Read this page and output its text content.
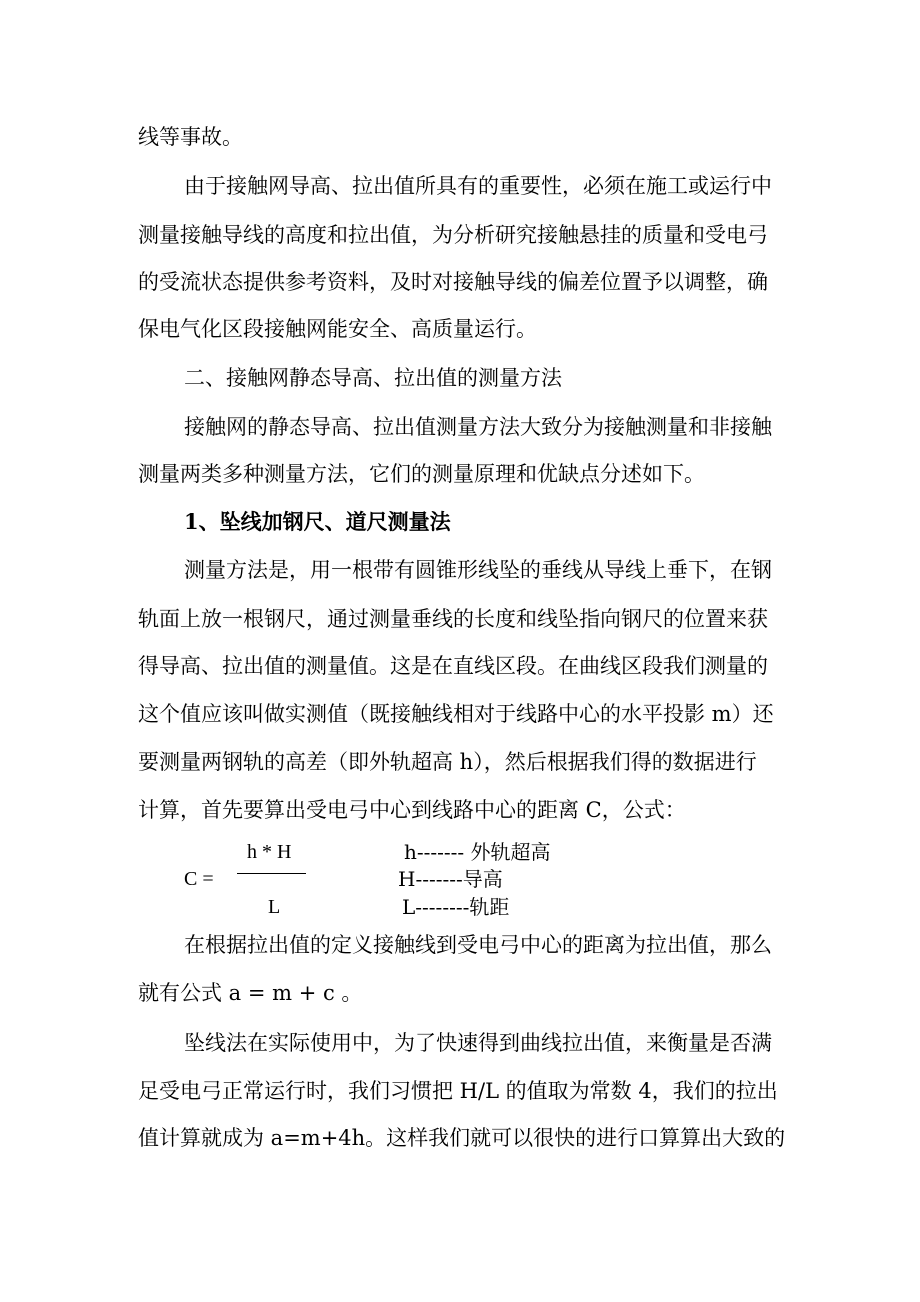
线等事故。
由于接触网导高、拉出值所具有的重要性，必须在施工或运行中
测量接触导线的高度和拉出值，为分析研究接触悬挂的质量和受电弓
的受流状态提供参考资料，及时对接触导线的偏差位置予以调整，确
保电气化区段接触网能安全、高质量运行。
二、接触网静态导高、拉出值的测量方法
接触网的静态导高、拉出值测量方法大致分为接触测量和非接触
测量两类多种测量方法，它们的测量原理和优缺点分述如下。
1、坠线加钢尺、道尺测量法
测量方法是，用一根带有圆锥形线坠的垂线从导线上垂下，在钢
轨面上放一根钢尺，通过测量垂线的长度和线坠指向钢尺的位置来获
得导高、拉出值的测量值。这是在直线区段。在曲线区段我们测量的
这个值应该叫做实测值（既接触线相对于线路中心的水平投影 m）还
要测量两钢轨的高差（即外轨超高 h），然后根据我们得的数据进行
计算，首先要算出受电弓中心到线路中心的距离 C，公式：
h * H
C =
L
h------- 外轨超高
H-------导高
L--------轨距
在根据拉出值的定义接触线到受电弓中心的距离为拉出值，那么
就有公式 a = m + c 。
坠线法在实际使用中，为了快速得到曲线拉出值，来衡量是否满
足受电弓正常运行时，我们习惯把 H/L 的值取为常数 4，我们的拉出
值计算就成为 a=m+4h。这样我们就可以很快的进行口算算出大致的
